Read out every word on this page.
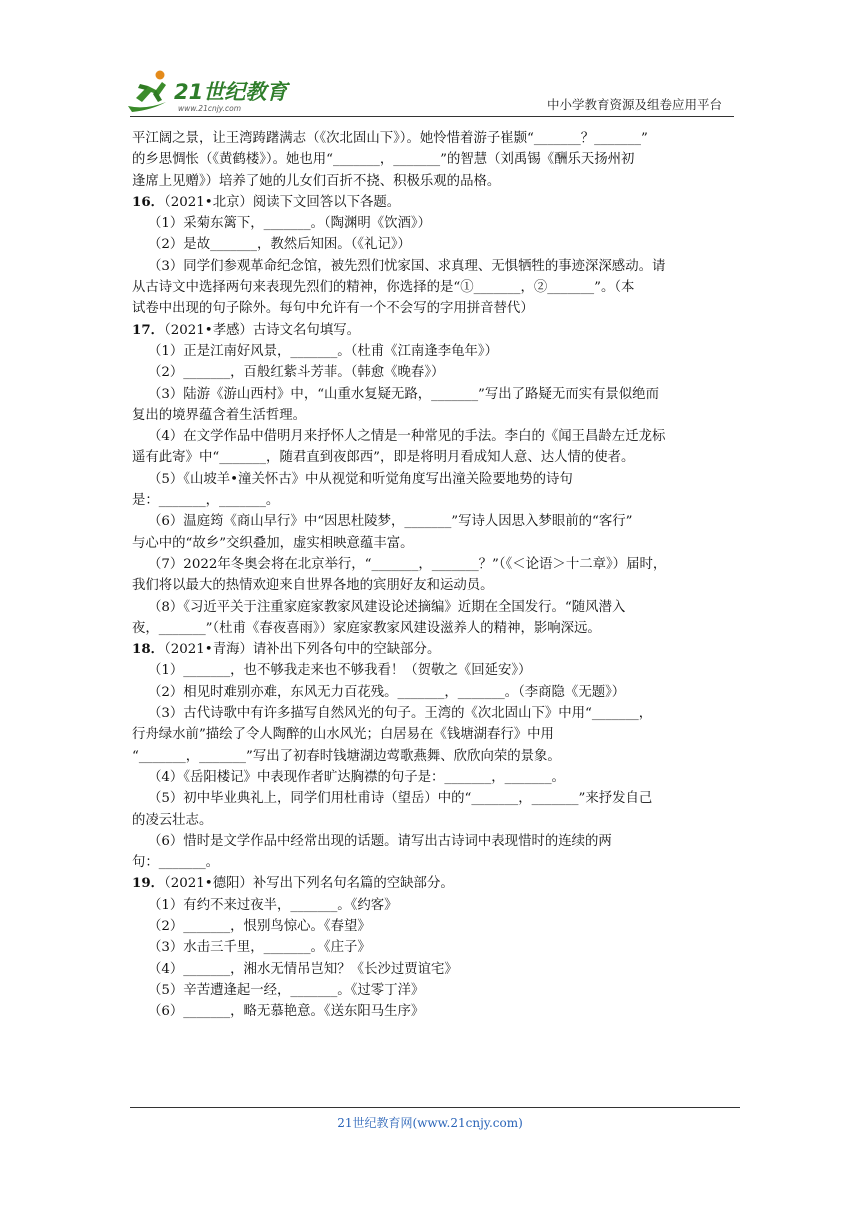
21世纪教育
www.21cnjy.com	中小学教育资源及组卷应用平台
平江阔之景，让王湾踌躇满志（《次北固山下》）。她怜惜着游子崔颢“_______？_______”
的乡思惆怅（《黄鹤楼》）。她也用“_______，_______”的智慧（刘禹锡《酬乐天扬州初
逢席上见赠》）培养了她的儿女们百折不挠、积极乐观的品格。
16．（2021•北京）阅读下文回答以下各题。
（1）采菊东篱下，_______。（陶渊明《饮酒》）
（2）是故_______，教然后知困。（《礼记》）
（3）同学们参观革命纪念馆，被先烈们忧家国、求真理、无惧牺牲的事迹深深感动。请
从古诗文中选择两句来表现先烈们的精神，你选择的是“①_______，②_______”。（本
试卷中出现的句子除外。每句中允许有一个不会写的字用拼音替代）
17．（2021•孝感）古诗文名句填写。
（1）正是江南好风景，_______。（杜甫《江南逢李龟年》）
（2）_______，百般红紫斗芳菲。（韩愈《晚春》）
（3）陆游《游山西村》中，“山重水复疑无路，_______”写出了路疑无而实有景似绝而
复出的境界蕴含着生活哲理。
（4）在文学作品中借明月来抒怀人之情是一种常见的手法。李白的《闻王昌龄左迁龙标
遥有此寄》中“_______，随君直到夜郎西”，即是将明月看成知人意、达人情的使者。
（5）《山坡羊•潼关怀古》中从视觉和听觉角度写出潼关险要地势的诗句
是：_______，_______。
（6）温庭筠《商山早行》中“因思杜陵梦，_______”写诗人因思入梦眼前的“客行”
与心中的“故乡”交织叠加，虚实相映意蕴丰富。
（7）2022年冬奥会将在北京举行，“_______，_______？”（《＜论语＞十二章》）届时，
我们将以最大的热情欢迎来自世界各地的宾朋好友和运动员。
（8）《习近平关于注重家庭家教家风建设论述摘编》近期在全国发行。“随风潜入
夜，_______”（杜甫《春夜喜雨》）家庭家教家风建设滋养人的精神，影响深远。
18．（2021•青海）请补出下列各句中的空缺部分。
（1）_______，也不够我走来也不够我看！（贺敬之《回延安》）
（2）相见时难别亦难，东风无力百花残。_______，_______。（李商隐《无题》）
（3）古代诗歌中有许多描写自然风光的句子。王湾的《次北固山下》中用“_______，
行舟绿水前”描绘了令人陶醉的山水风光；白居易在《钱塘湖春行》中用
“_______，_______”写出了初春时钱塘湖边莺歌燕舞、欣欣向荣的景象。
（4）《岳阳楼记》中表现作者旷达胸襟的句子是：_______，_______。
（5）初中毕业典礼上，同学们用杜甫诗（望岳）中的“_______，_______”来抒发自己
的凌云壮志。
（6）惜时是文学作品中经常出现的话题。请写出古诗词中表现惜时的连续的两
句：_______。
19．（2021•德阳）补写出下列名句名篇的空缺部分。
（1）有约不来过夜半，_______。《约客》
（2）_______，恨别鸟惊心。《春望》
（3）水击三千里，_______。《庄子》
（4）_______，湘水无情吊岂知？《长沙过贾谊宅》
（5）辛苦遭逢起一经，_______。《过零丁洋》
（6）_______，略无慕艳意。《送东阳马生序》
21世纪教育网(www.21cnjy.com)
